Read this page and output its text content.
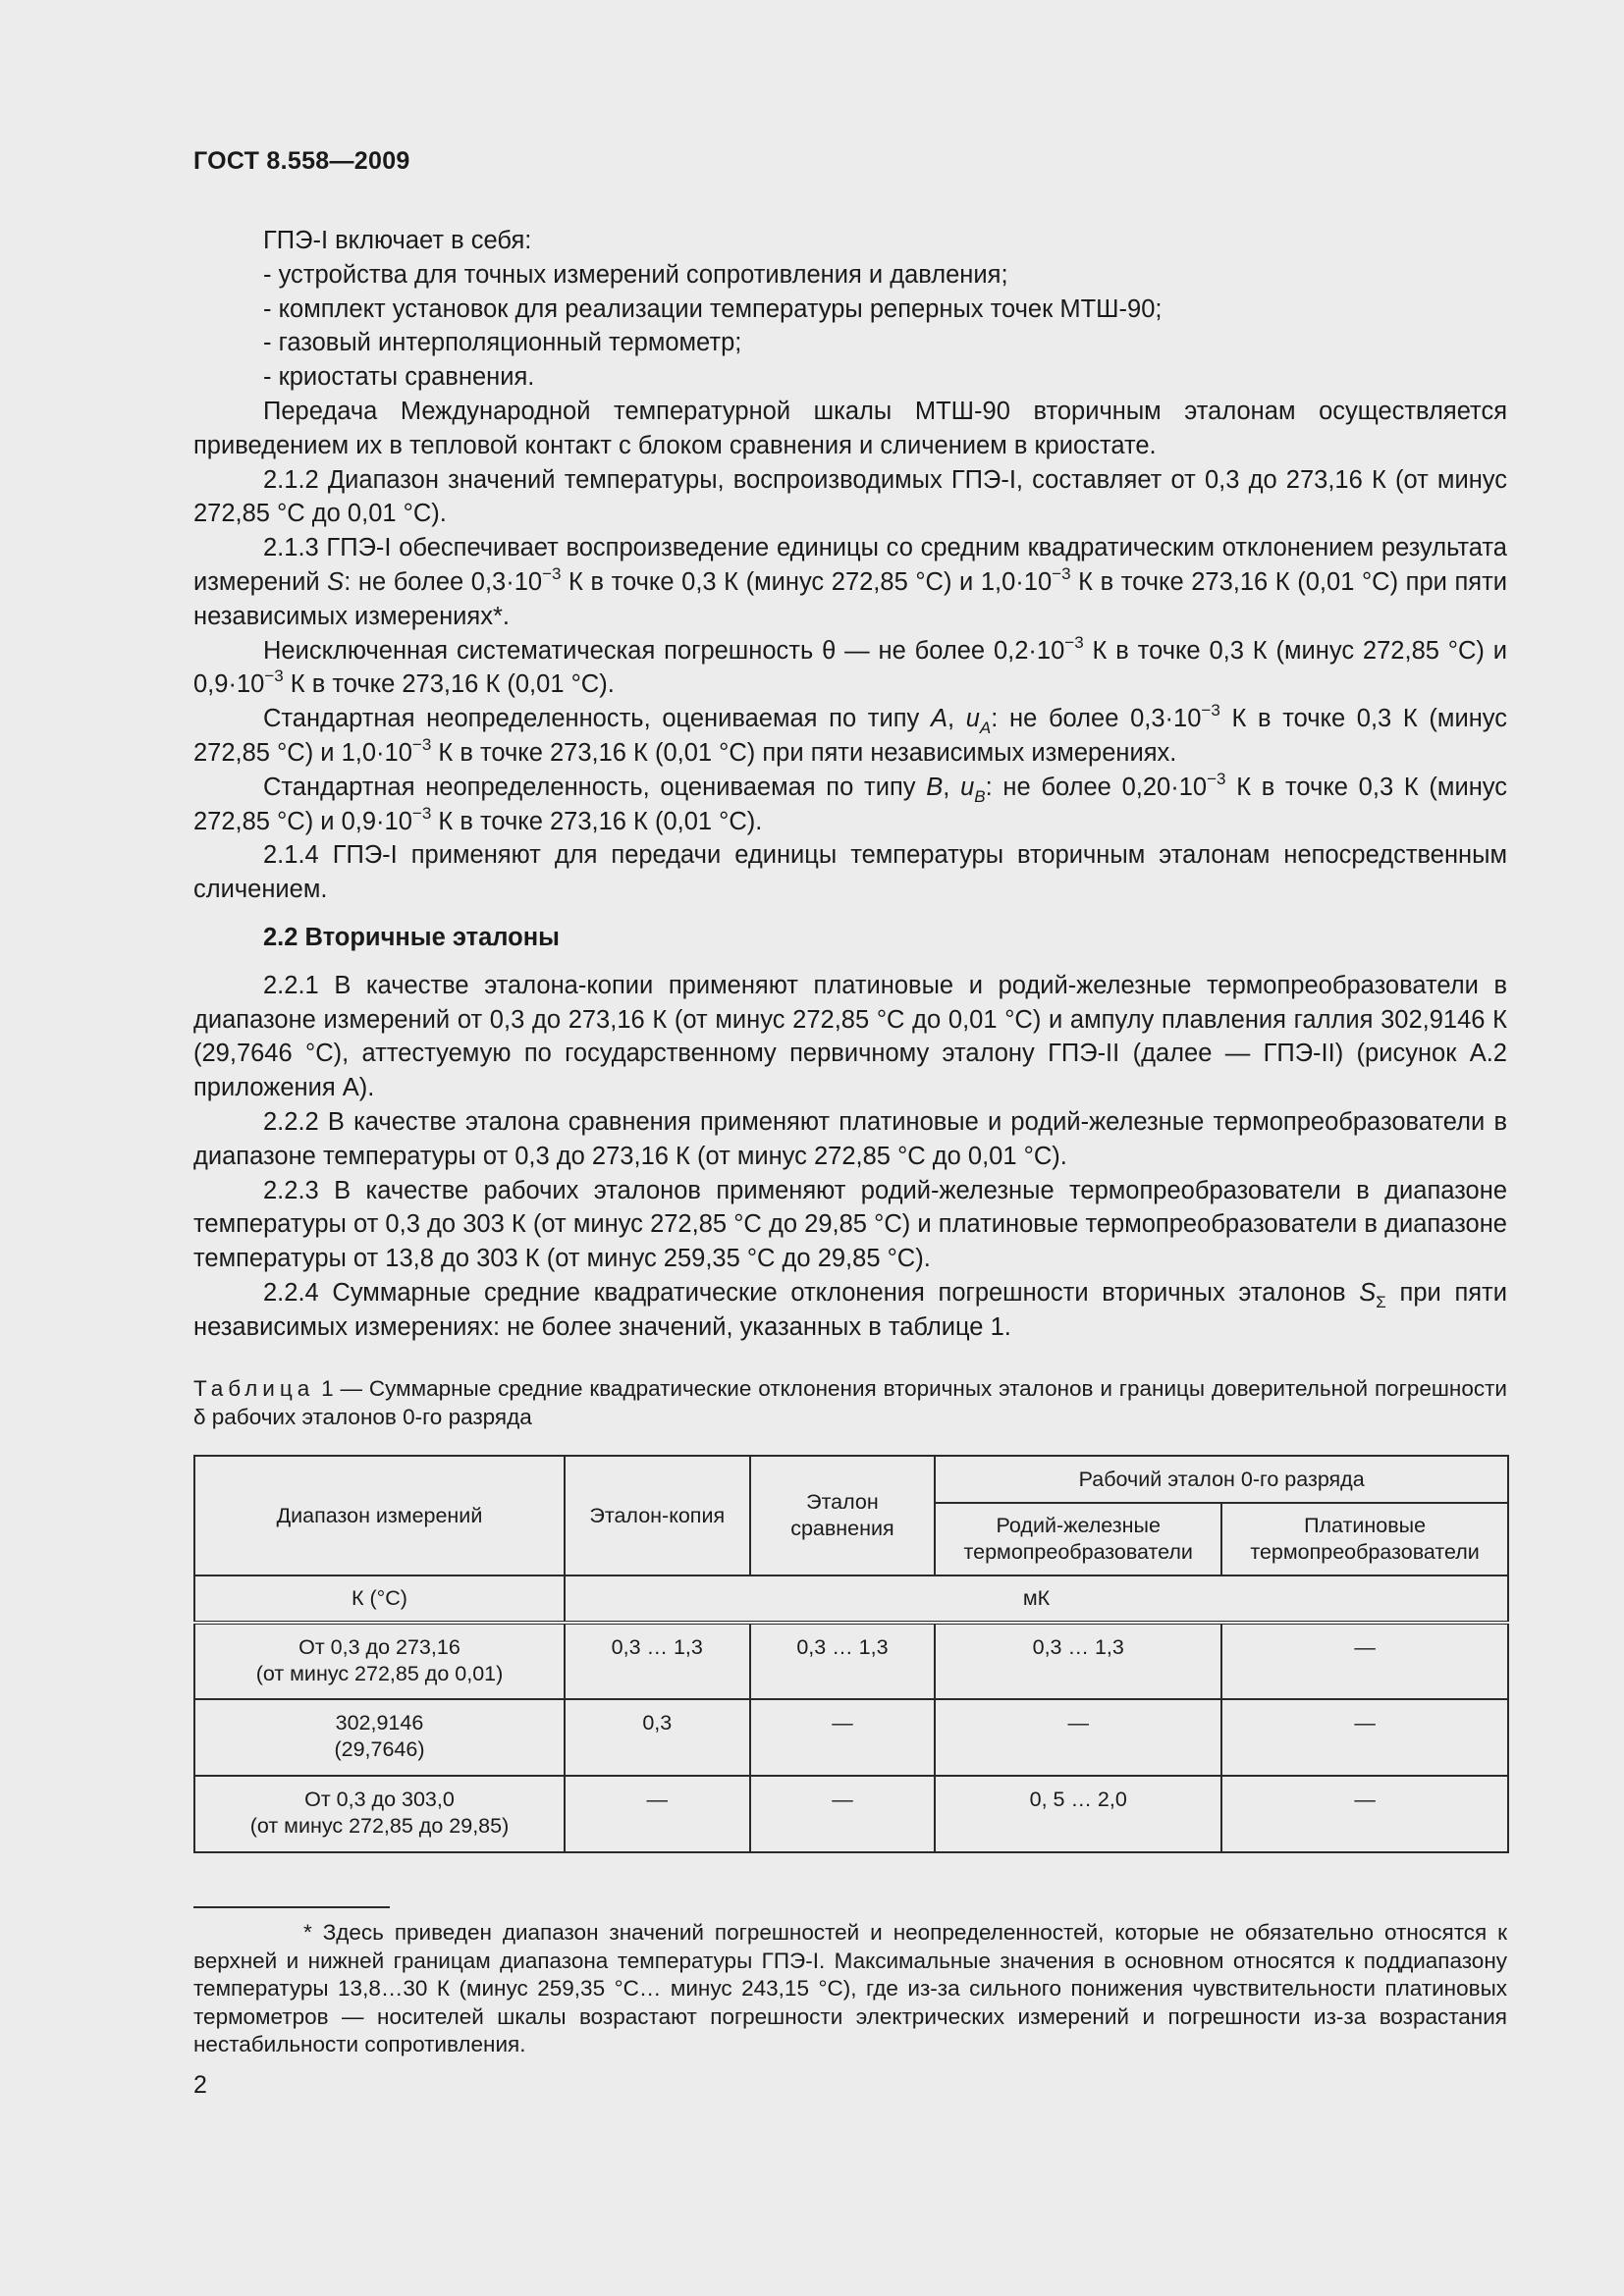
ГОСТ 8.558—2009

ГПЭ-I включает в себя:

- устройства для точных измерений сопротивления и давления;

- комплект установок для реализации температуры реперных точек МТШ-90;

- газовый интерполяционный термометр;

- криостаты сравнения.

Передача Международной температурной шкалы МТШ-90 вторичным эталонам осуществляется приведением их в тепловой контакт с блоком сравнения и сличением в криостате.

2.1.2 Диапазон значений температуры, воспроизводимых ГПЭ-I, составляет от 0,3 до 273,16 К (от минус 272,85 °С до 0,01 °С).

2.1.3 ГПЭ-I обеспечивает воспроизведение единицы со средним квадратическим отклонением результата измерений S: не более $0,3\cdot 10^{-3}$ К в точке 0,3 К (минус 272,85 °С) и $1,0\cdot 10^{-3}$ К в точке 273,16 К (0,01 °С) при пяти независимых измерениях*.

Неисключенная систематическая погрешность θ — не более $0,2\cdot 10^{-3}$ К в точке 0,3 К (минус 272,85 °С) и $0,9\cdot 10^{-3}$ К в точке 273,16 К (0,01 °С).

Стандартная неопределенность, оцениваемая по типу A, $u_A$: не более $0,3\cdot 10^{-3}$ К в точке 0,3 К (минус 272,85 °С) и $1,0\cdot 10^{-3}$ К в точке 273,16 К (0,01 °С) при пяти независимых измерениях.

Стандартная неопределенность, оцениваемая по типу B, $u_B$: не более $0,20\cdot 10^{-3}$ К в точке 0,3 К (минус 272,85 °С) и $0,9\cdot 10^{-3}$ К в точке 273,16 К (0,01 °С).

2.1.4 ГПЭ-I применяют для передачи единицы температуры вторичным эталонам непосредственным сличением.

2.2 Вторичные эталоны

2.2.1 В качестве эталона-копии применяют платиновые и родий-железные термопреобразователи в диапазоне измерений от 0,3 до 273,16 К (от минус 272,85 °С до 0,01 °С) и ампулу плавления галлия 302,9146 К (29,7646 °С), аттестуемую по государственному первичному эталону ГПЭ-II (далее — ГПЭ-II) (рисунок А.2 приложения А).

2.2.2 В качестве эталона сравнения применяют платиновые и родий-железные термопреобразователи в диапазоне температуры от 0,3 до 273,16 К (от минус 272,85 °С до 0,01 °С).

2.2.3 В качестве рабочих эталонов применяют родий-железные термопреобразователи в диапазоне температуры от 0,3 до 303 К (от минус 272,85 °С до 29,85 °С) и платиновые термопреобразователи в диапазоне температуры от 13,8 до 303 К (от минус 259,35 °С до 29,85 °С).

2.2.4 Суммарные средние квадратические отклонения погрешности вторичных эталонов $S_\Sigma$ при пяти независимых измерениях: не более значений, указанных в таблице 1.

Таблица 1 — Суммарные средние квадратические отклонения вторичных эталонов и границы доверительной погрешности δ рабочих эталонов 0-го разряда
Диапазон измерений	Эталон-копия	Эталон сравнения	Рабочий эталон 0-го разряда	
			Родий-железные термопреобразователи	Платиновые термопреобразователи
К (°С)	мК			

От 0,3 до 273,16
(от минус 272,85 до 0,01)	0,3 … 1,3	0,3 … 1,3	0,3 … 1,3	—

302,9146
(29,7646)	0,3	—	—	—

От 0,3 до 303,0
(от минус 272,85 до 29,85)	—	—	0, 5 … 2,0	—

* Здесь приведен диапазон значений погрешностей и неопределенностей, которые не обязательно относятся к верхней и нижней границам диапазона температуры ГПЭ-I. Максимальные значения в основном относятся к поддиапазону температуры 13,8…30 К (минус 259,35 °С… минус 243,15 °С), где из-за сильного понижения чувствительности платиновых термометров — носителей шкалы возрастают погрешности электрических измерений и погрешности из-за возрастания нестабильности сопротивления.

2
